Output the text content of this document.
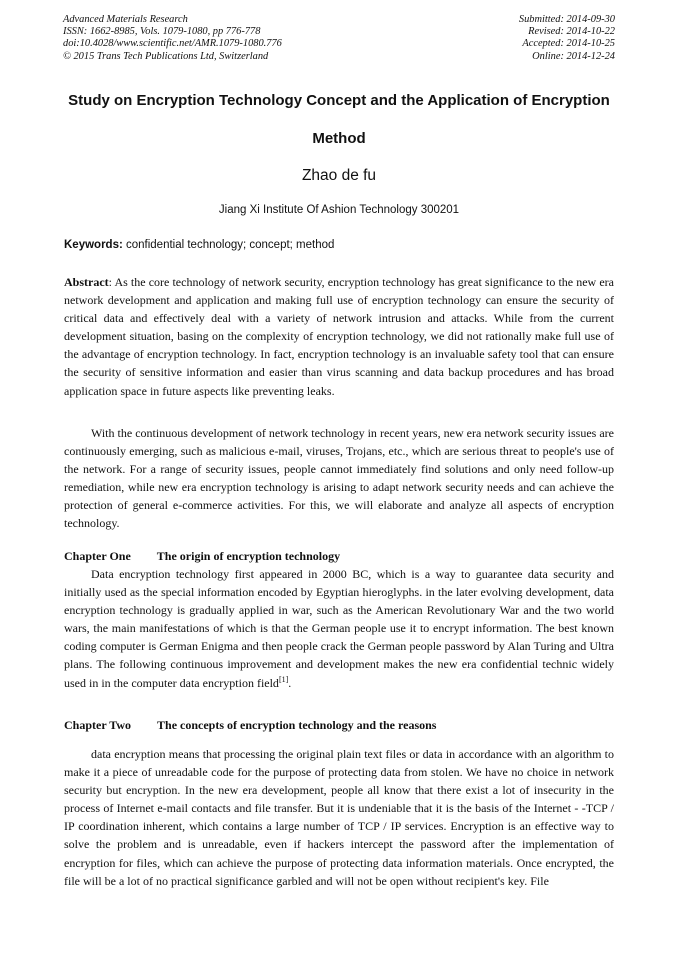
Advanced Materials Research
ISSN: 1662-8985, Vols. 1079-1080, pp 776-778
doi:10.4028/www.scientific.net/AMR.1079-1080.776
© 2015 Trans Tech Publications Ltd, Switzerland
Submitted: 2014-09-30
Revised: 2014-10-22
Accepted: 2014-10-25
Online: 2014-12-24
Study on Encryption Technology Concept and the Application of Encryption Method
Zhao de fu
Jiang Xi Institute Of Ashion Technology 300201
Keywords: confidential technology; concept; method

Abstract: As the core technology of network security, encryption technology has great significance to the new era network development and application and making full use of encryption technology can ensure the security of critical data and effectively deal with a variety of network intrusion and attacks. While from the current development situation, basing on the complexity of encryption technology, we did not rationally make full use of the advantage of encryption technology. In fact, encryption technology is an invaluable safety tool that can ensure the security of sensitive information and easier than virus scanning and data backup procedures and has broad application space in future aspects like preventing leaks.

With the continuous development of network technology in recent years, new era network security issues are continuously emerging, such as malicious e-mail, viruses, Trojans, etc., which are serious threat to people's use of the network. For a range of security issues, people cannot immediately find solutions and only need follow-up remediation, while new era encryption technology is arising to adapt network security needs and can achieve the protection of general e-commerce activities. For this, we will elaborate and analyze all aspects of encryption technology.

Chapter One The origin of encryption technology

Data encryption technology first appeared in 2000 BC, which is a way to guarantee data security and initially used as the special information encoded by Egyptian hieroglyphs. in the later evolving development, data encryption technology is gradually applied in war, such as the American Revolutionary War and the two world wars, the main manifestations of which is that the German people use it to encrypt information. The best known coding computer is German Enigma and then people crack the German people password by Alan Turing and Ultra plans. The following continuous improvement and development makes the new era confidential technic widely used in in the computer data encryption field[1].

Chapter Two The concepts of encryption technology and the reasons

data encryption means that processing the original plain text files or data in accordance with an algorithm to make it a piece of unreadable code for the purpose of protecting data from stolen. We have no choice in network security but encryption. In the new era development, people all know that there exist a lot of insecurity in the process of Internet e-mail contacts and file transfer. But it is undeniable that it is the basis of the Internet - -TCP / IP coordination inherent, which contains a large number of TCP / IP services. Encryption is an effective way to solve the problem and is unreadable, even if hackers intercept the password after the implementation of encryption for files, which can achieve the purpose of protecting data information materials. Once encrypted, the file will be a lot of no practical significance garbled and will not be open without recipient's key. File
